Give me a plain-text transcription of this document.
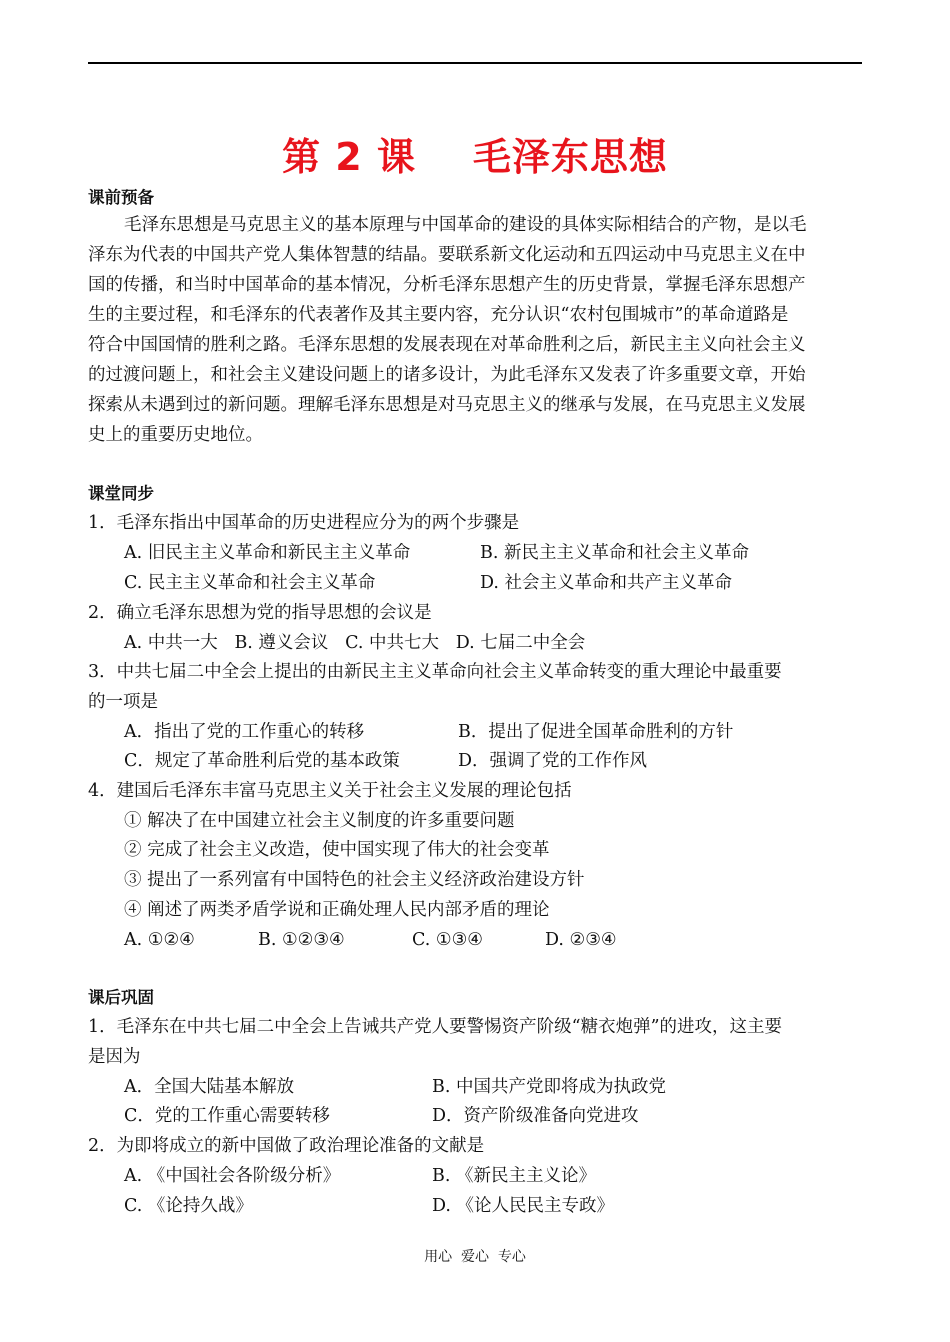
第 2 课    毛泽东思想
课前预备
毛泽东思想是马克思主义的基本原理与中国革命的建设的具体实际相结合的产物，是以毛
泽东为代表的中国共产党人集体智慧的结晶。要联系新文化运动和五四运动中马克思主义在中
国的传播，和当时中国革命的基本情况，分析毛泽东思想产生的历史背景，掌握毛泽东思想产
生的主要过程，和毛泽东的代表著作及其主要内容，充分认识“农村包围城市”的革命道路是
符合中国国情的胜利之路。毛泽东思想的发展表现在对革命胜利之后，新民主主义向社会主义
的过渡问题上，和社会主义建设问题上的诸多设计，为此毛泽东又发表了许多重要文章，开始
探索从未遇到过的新问题。理解毛泽东思想是对马克思主义的继承与发展，在马克思主义发展
史上的重要历史地位。
课堂同步
1．毛泽东指出中国革命的历史进程应分为的两个步骤是
A. 旧民主主义革命和新民主主义革命	B. 新民主主义革命和社会主义革命
C. 民主主义革命和社会主义革命	D. 社会主义革命和共产主义革命
2．确立毛泽东思想为党的指导思想的会议是
A. 中共一大   B. 遵义会议   C. 中共七大   D. 七届二中全会
3．中共七届二中全会上提出的由新民主主义革命向社会主义革命转变的重大理论中最重要
的一项是
A．指出了党的工作重心的转移	B．提出了促进全国革命胜利的方针
C．规定了革命胜利后党的基本政策	D．强调了党的工作作风
4．建国后毛泽东丰富马克思主义关于社会主义发展的理论包括
① 解决了在中国建立社会主义制度的许多重要问题
② 完成了社会主义改造，使中国实现了伟大的社会变革
③ 提出了一系列富有中国特色的社会主义经济政治建设方针
④ 阐述了两类矛盾学说和正确处理人民内部矛盾的理论
A. ①②④	B. ①②③④	C. ①③④	D. ②③④
课后巩固
1．毛泽东在中共七届二中全会上告诫共产党人要警惕资产阶级“糖衣炮弹”的进攻，这主要
是因为
A．全国大陆基本解放	B. 中国共产党即将成为执政党
C．党的工作重心需要转移	D．资产阶级准备向党进攻
2．为即将成立的新中国做了政治理论准备的文献是
A. 《中国社会各阶级分析》	B. 《新民主主义论》
C. 《论持久战》	D. 《论人民民主专政》
用心  爱心  专心
